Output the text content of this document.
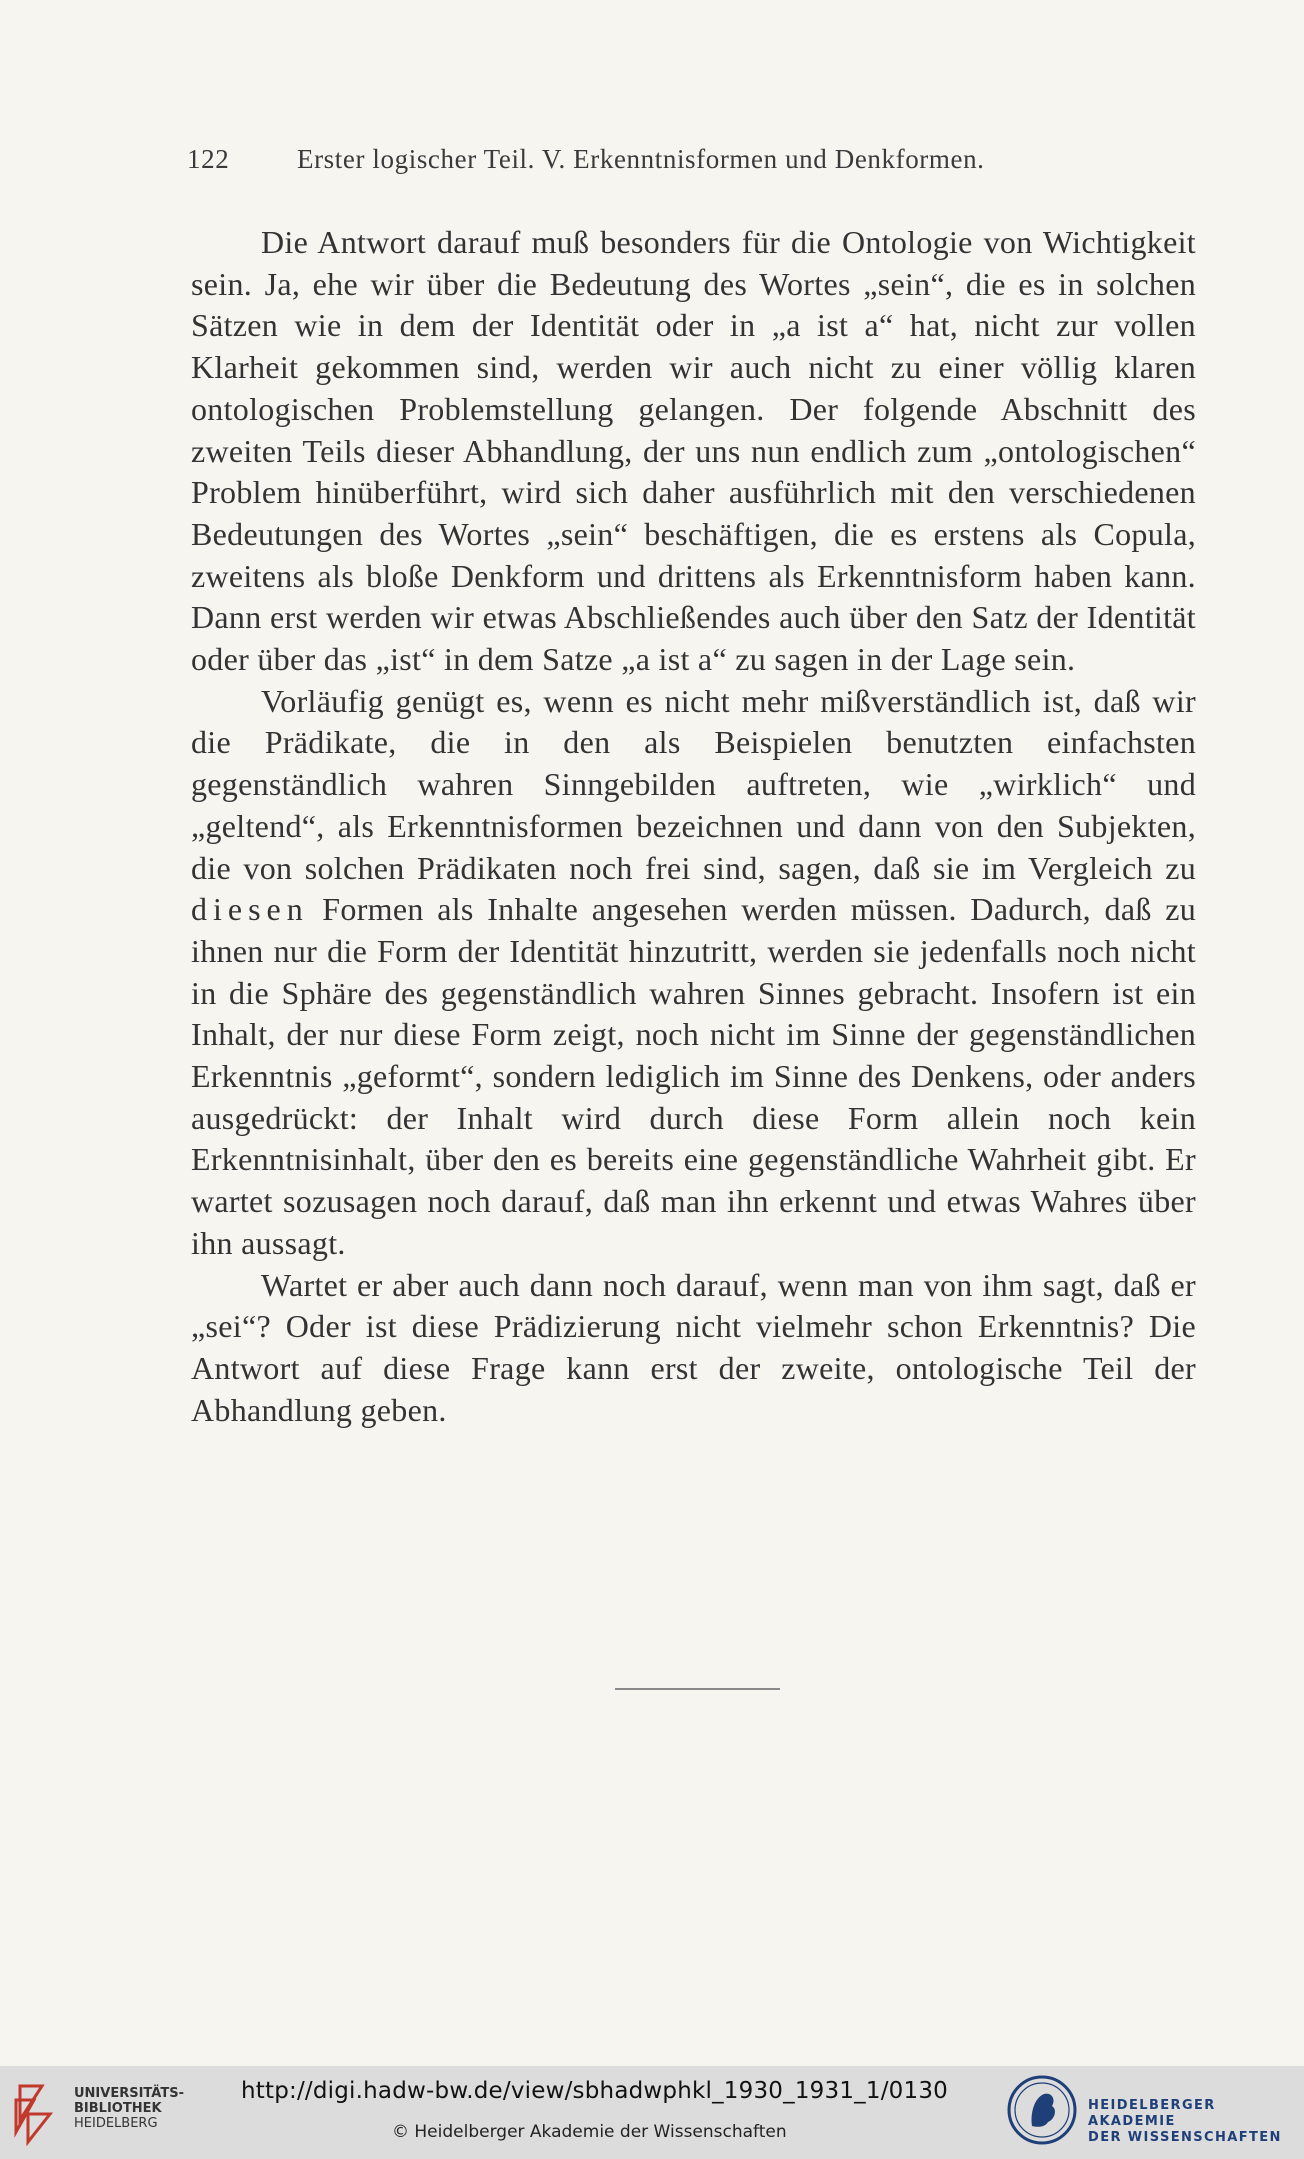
122	Erster logischer Teil. V. Erkenntnisformen und Denkformen.

Die Antwort darauf muß besonders für die Ontologie von Wichtigkeit sein. Ja, ehe wir über die Bedeutung des Wortes „sein“, die es in solchen Sätzen wie in dem der Identität oder in „a ist a“ hat, nicht zur vollen Klarheit gekommen sind, werden wir auch nicht zu einer völlig klaren ontologischen Problemstellung gelangen. Der folgende Abschnitt des zweiten Teils dieser Abhandlung, der uns nun endlich zum „ontologischen“ Problem hinüberführt, wird sich daher ausführlich mit den verschiedenen Bedeutungen des Wortes „sein“ beschäftigen, die es erstens als Copula, zweitens als bloße Denkform und drittens als Erkenntnisform haben kann. Dann erst werden wir etwas Abschließendes auch über den Satz der Identität oder über das „ist“ in dem Satze „a ist a“ zu sagen in der Lage sein.

Vorläufig genügt es, wenn es nicht mehr mißverständlich ist, daß wir die Prädikate, die in den als Beispielen benutzten einfachsten gegenständlich wahren Sinngebilden auftreten, wie „wirklich“ und „geltend“, als Erkenntnisformen bezeichnen und dann von den Subjekten, die von solchen Prädikaten noch frei sind, sagen, daß sie im Vergleich zu diesen Formen als Inhalte angesehen werden müssen. Dadurch, daß zu ihnen nur die Form der Identität hinzutritt, werden sie jedenfalls noch nicht in die Sphäre des gegenständlich wahren Sinnes gebracht. Insofern ist ein Inhalt, der nur diese Form zeigt, noch nicht im Sinne der gegenständlichen Erkenntnis „geformt“, sondern lediglich im Sinne des Denkens, oder anders ausgedrückt: der Inhalt wird durch diese Form allein noch kein Erkenntnisinhalt, über den es bereits eine gegenständliche Wahrheit gibt. Er wartet sozusagen noch darauf, daß man ihn erkennt und etwas Wahres über ihn aussagt.

Wartet er aber auch dann noch darauf, wenn man von ihm sagt, daß er „sei“? Oder ist diese Prädizierung nicht vielmehr schon Erkenntnis? Die Antwort auf diese Frage kann erst der zweite, ontologische Teil der Abhandlung geben.

UNIVERSITÄTS-
BIBLIOTHEK
HEIDELBERG
http://digi.hadw-bw.de/view/sbhadwphkl_1930_1931_1/0130
© Heidelberger Akademie der Wissenschaften
HEIDELBERGER AKADEMIE
DER WISSENSCHAFTEN
